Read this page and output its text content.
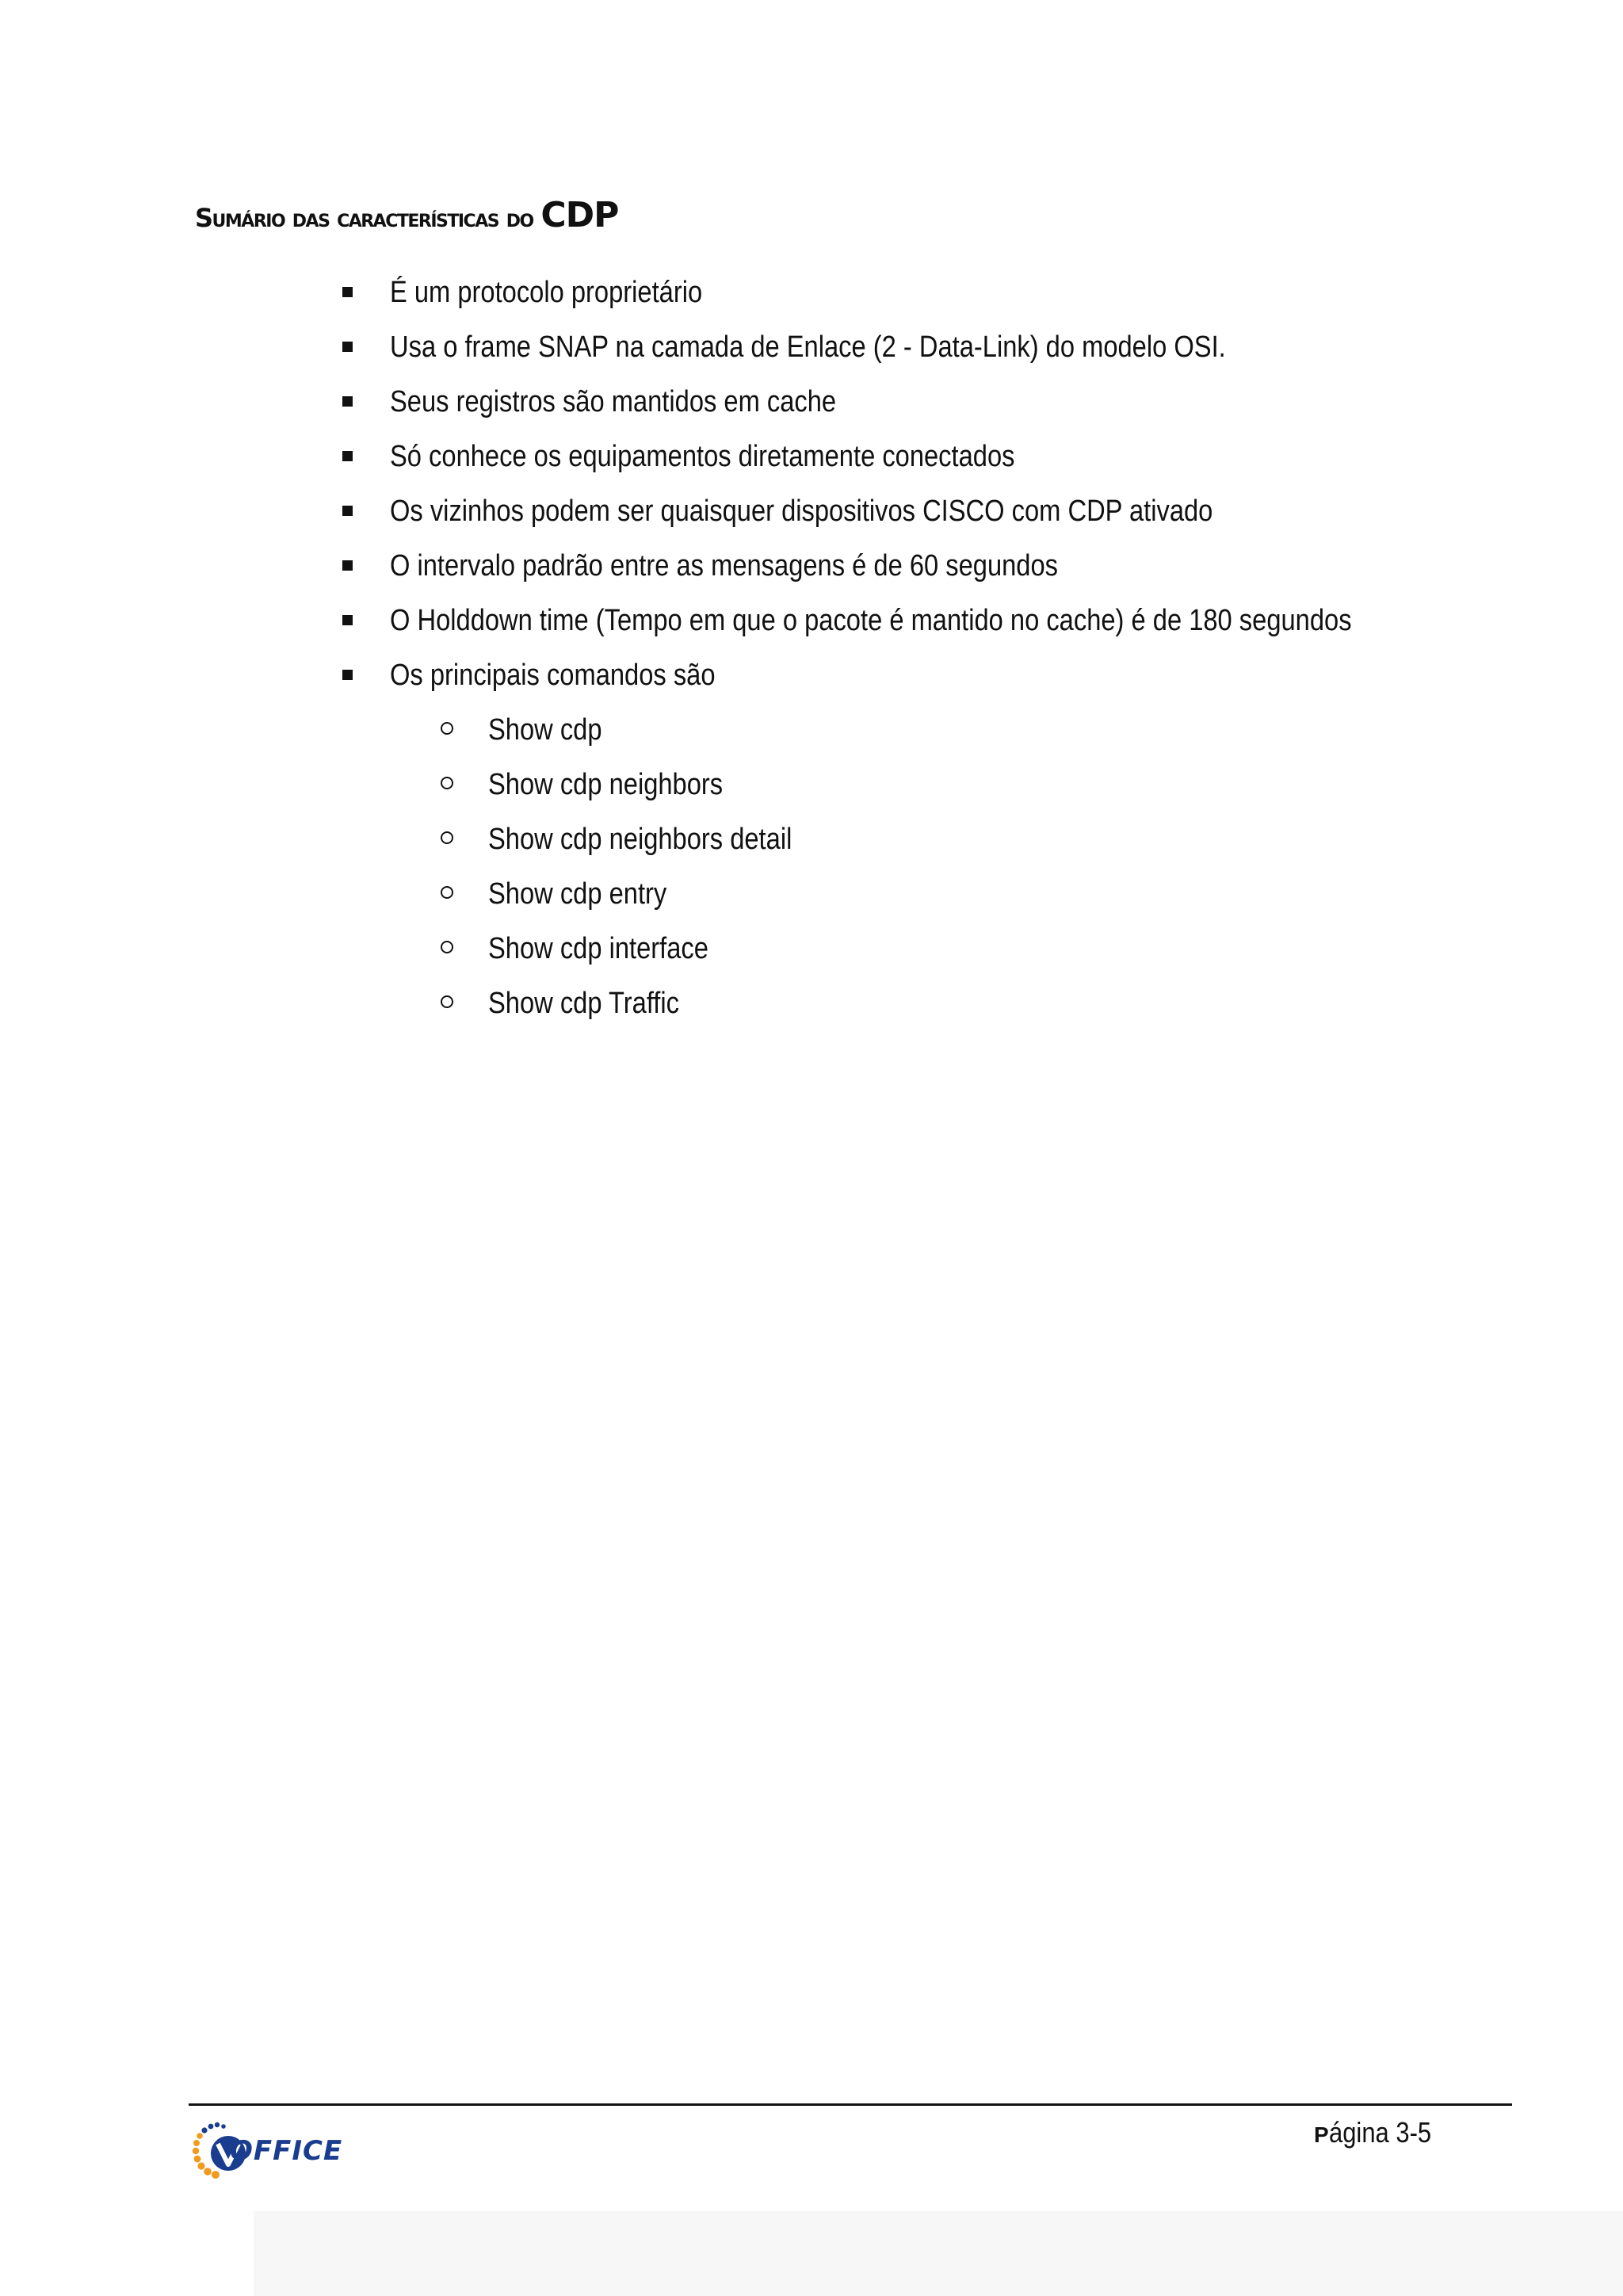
Sumário das características do CDP
É um protocolo proprietário
Usa o frame SNAP na camada de Enlace (2 - Data-Link) do modelo OSI.
Seus registros são mantidos em cache
Só conhece os equipamentos diretamente conectados
Os vizinhos podem ser quaisquer dispositivos CISCO com CDP ativado
O intervalo padrão entre as mensagens é de 60 segundos
O Holddown time (Tempo em que o pacote é mantido no cache) é de 180 segundos
Os principais comandos são
Show cdp
Show cdp neighbors
Show cdp neighbors detail
Show cdp entry
Show cdp interface
Show cdp Traffic
OFFICE
Página 3-5
